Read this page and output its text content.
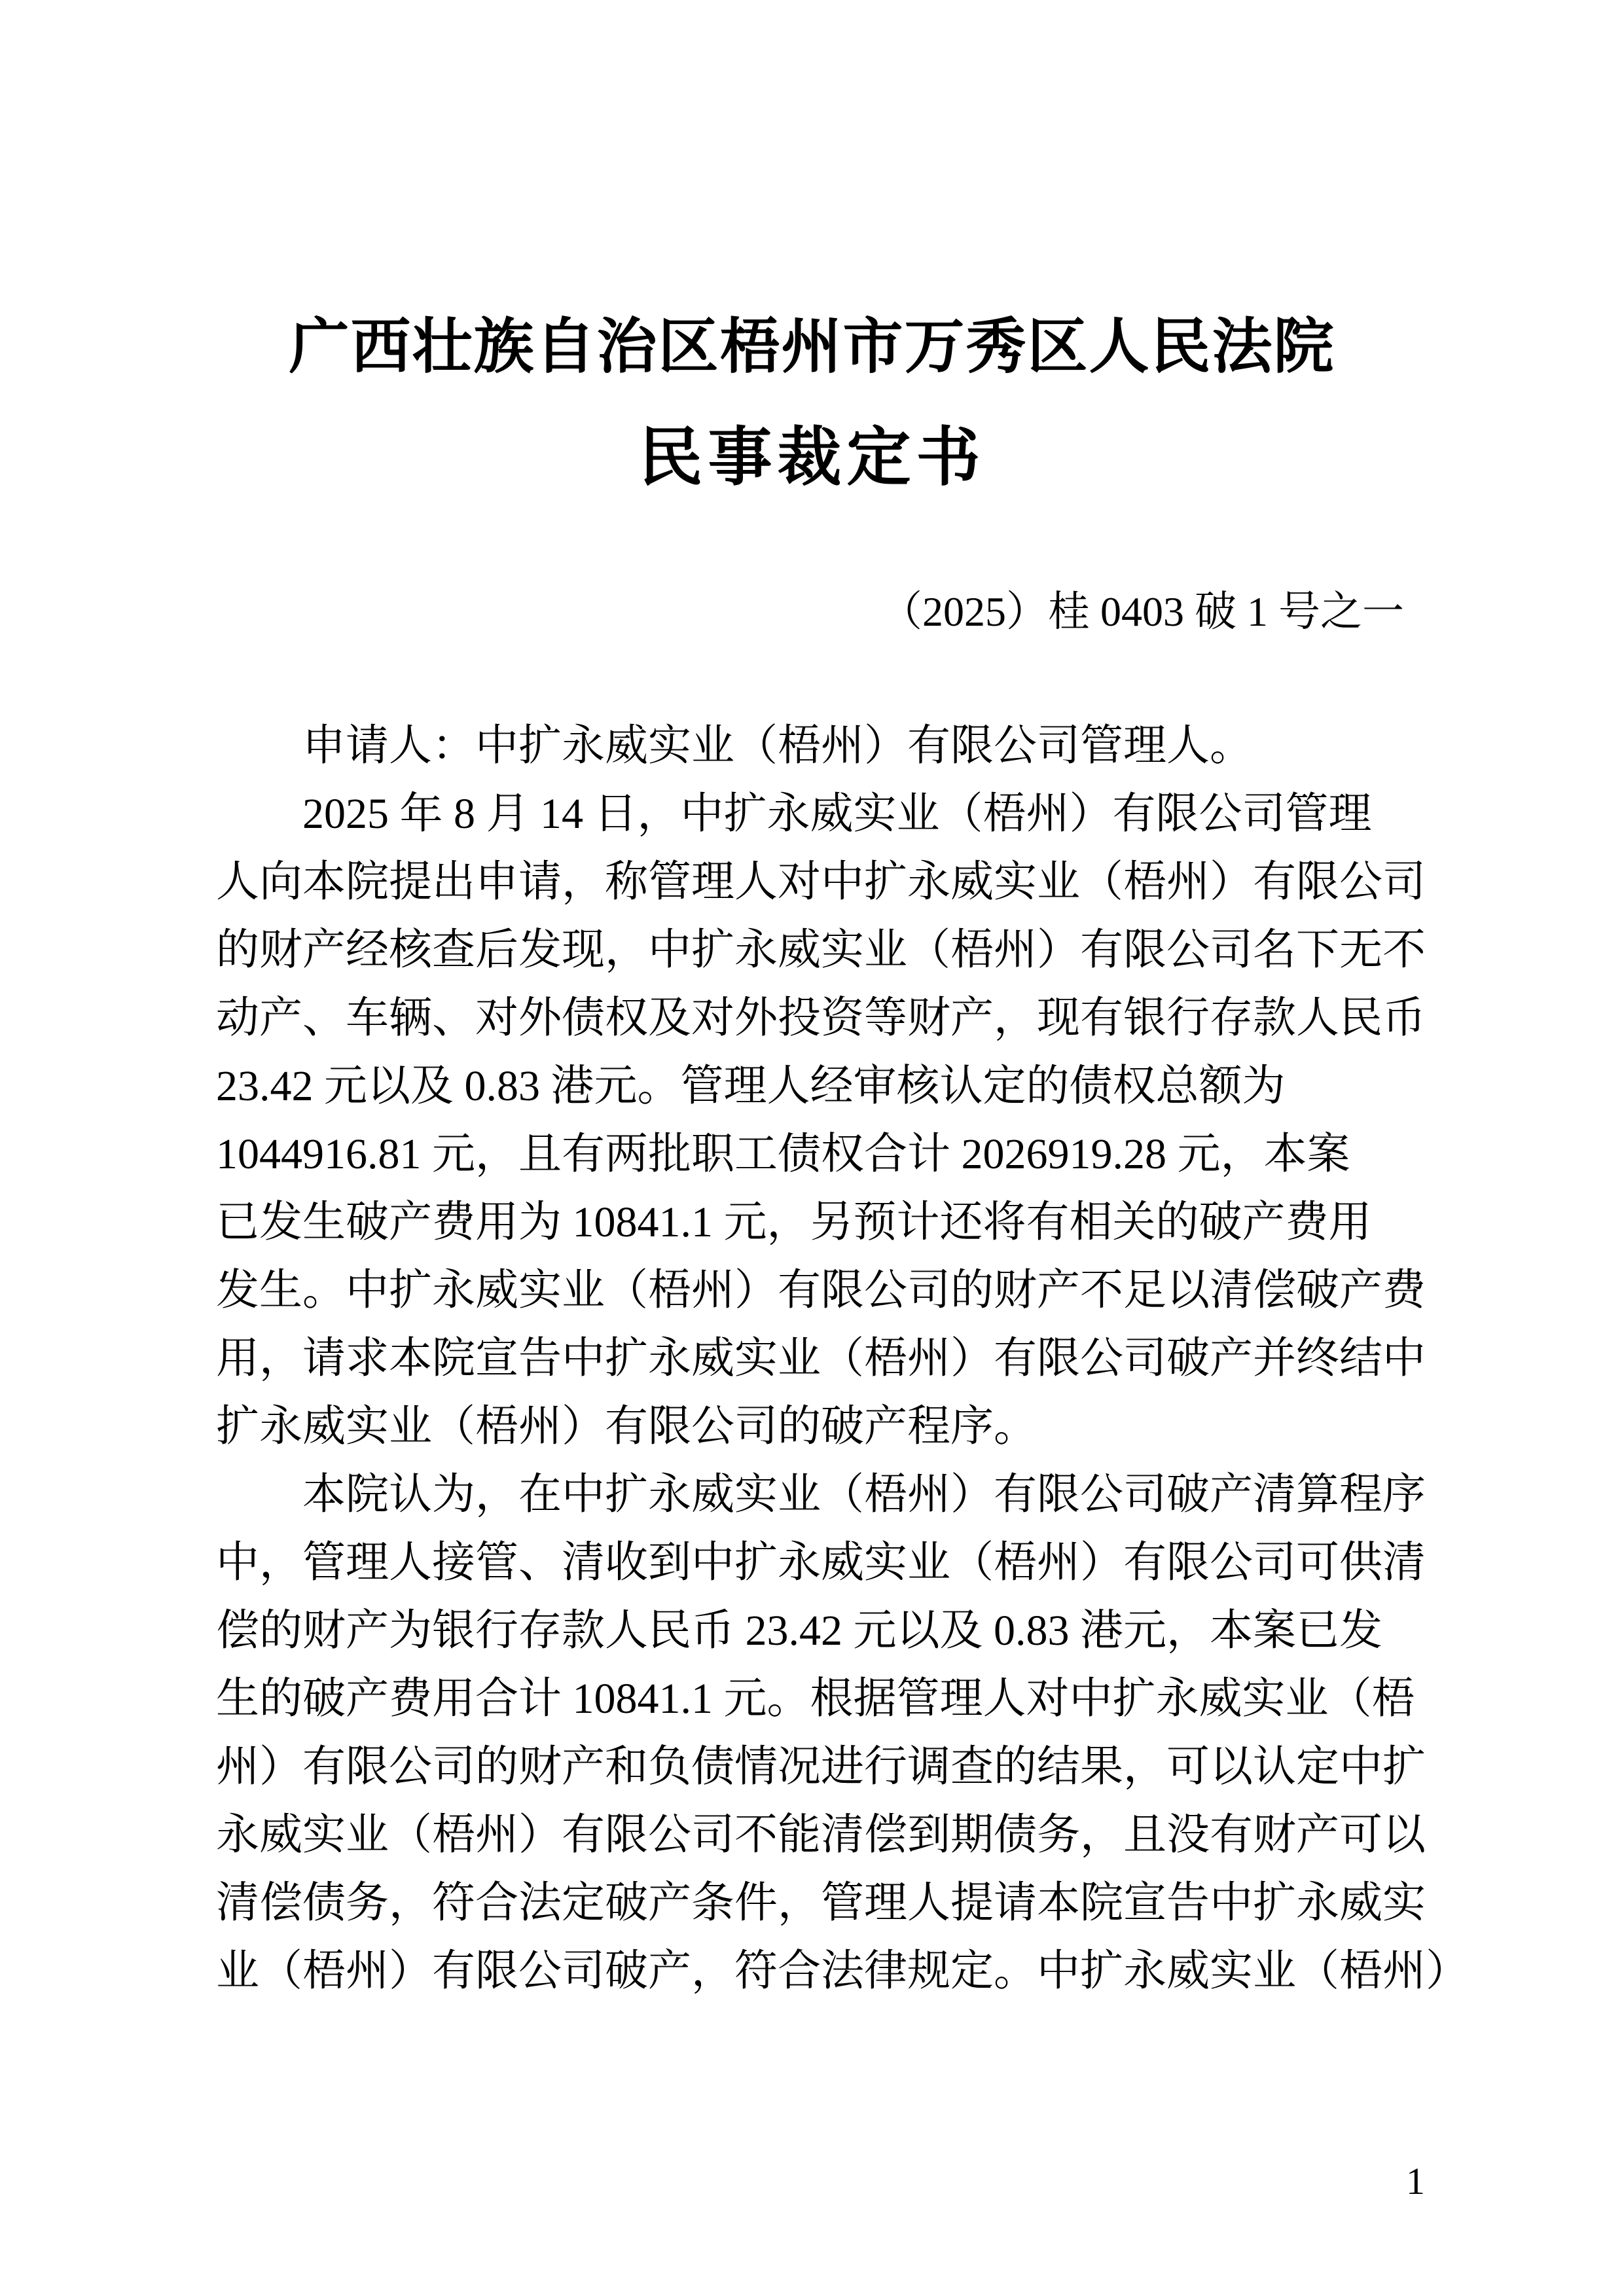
广西壮族自治区梧州市万秀区人民法院
民事裁定书
（2025）桂 0403 破 1 号之一
申请人：中扩永威实业（梧州）有限公司管理人。
2025 年 8 月 14 日，中扩永威实业（梧州）有限公司管理
人向本院提出申请，称管理人对中扩永威实业（梧州）有限公司
的财产经核查后发现，中扩永威实业（梧州）有限公司名下无不
动产、车辆、对外债权及对外投资等财产，现有银行存款人民币
23.42 元以及 0.83 港元。管理人经审核认定的债权总额为
1044916.81 元，且有两批职工债权合计 2026919.28 元，本案
已发生破产费用为 10841.1 元，另预计还将有相关的破产费用
发生。中扩永威实业（梧州）有限公司的财产不足以清偿破产费
用，请求本院宣告中扩永威实业（梧州）有限公司破产并终结中
扩永威实业（梧州）有限公司的破产程序。
本院认为，在中扩永威实业（梧州）有限公司破产清算程序
中，管理人接管、清收到中扩永威实业（梧州）有限公司可供清
偿的财产为银行存款人民币 23.42 元以及 0.83 港元，本案已发
生的破产费用合计 10841.1 元。根据管理人对中扩永威实业（梧
州）有限公司的财产和负债情况进行调查的结果，可以认定中扩
永威实业（梧州）有限公司不能清偿到期债务，且没有财产可以
清偿债务，符合法定破产条件，管理人提请本院宣告中扩永威实
业（梧州）有限公司破产，符合法律规定。中扩永威实业（梧州）
1
